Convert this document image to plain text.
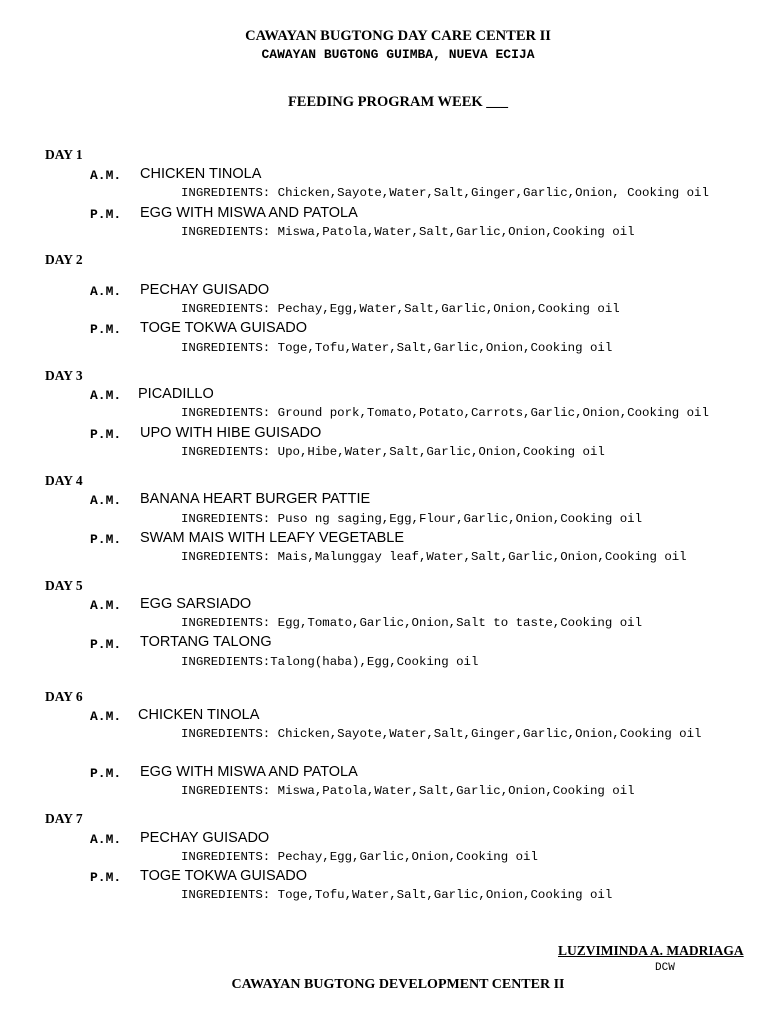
CAWAYAN BUGTONG DAY CARE CENTER II
CAWAYAN BUGTONG GUIMBA, NUEVA ECIJA
FEEDING PROGRAM WEEK ___
DAY 1
A.M. CHICKEN TINOLA
INGREDIENTS: Chicken,Sayote,Water,Salt,Ginger,Garlic,Onion, Cooking oil
P.M. EGG WITH MISWA AND PATOLA
INGREDIENTS: Miswa,Patola,Water,Salt,Garlic,Onion,Cooking oil
DAY 2
A.M. PECHAY GUISADO
INGREDIENTS: Pechay,Egg,Water,Salt,Garlic,Onion,Cooking oil
P.M. TOGE TOKWA GUISADO
INGREDIENTS: Toge,Tofu,Water,Salt,Garlic,Onion,Cooking oil
DAY 3
A.M. PICADILLO
INGREDIENTS: Ground pork,Tomato,Potato,Carrots,Garlic,Onion,Cooking oil
P.M. UPO WITH HIBE GUISADO
INGREDIENTS: Upo,Hibe,Water,Salt,Garlic,Onion,Cooking oil
DAY 4
A.M. BANANA HEART BURGER PATTIE
INGREDIENTS: Puso ng saging,Egg,Flour,Garlic,Onion,Cooking oil
P.M. SWAM MAIS WITH LEAFY VEGETABLE
INGREDIENTS: Mais,Malunggay leaf,Water,Salt,Garlic,Onion,Cooking oil
DAY 5
A.M. EGG SARSIADO
INGREDIENTS: Egg,Tomato,Garlic,Onion,Salt to taste,Cooking oil
P.M. TORTANG TALONG
INGREDIENTS:Talong(haba),Egg,Cooking oil
DAY 6
A.M. CHICKEN TINOLA
INGREDIENTS: Chicken,Sayote,Water,Salt,Ginger,Garlic,Onion,Cooking oil
P.M. EGG WITH MISWA AND PATOLA
INGREDIENTS: Miswa,Patola,Water,Salt,Garlic,Onion,Cooking oil
DAY 7
A.M. PECHAY GUISADO
INGREDIENTS: Pechay,Egg,Garlic,Onion,Cooking oil
P.M. TOGE TOKWA GUISADO
INGREDIENTS: Toge,Tofu,Water,Salt,Garlic,Onion,Cooking oil
LUZVIMINDA A. MADRIAGA
DCW
CAWAYAN BUGTONG DEVELOPMENT CENTER II
